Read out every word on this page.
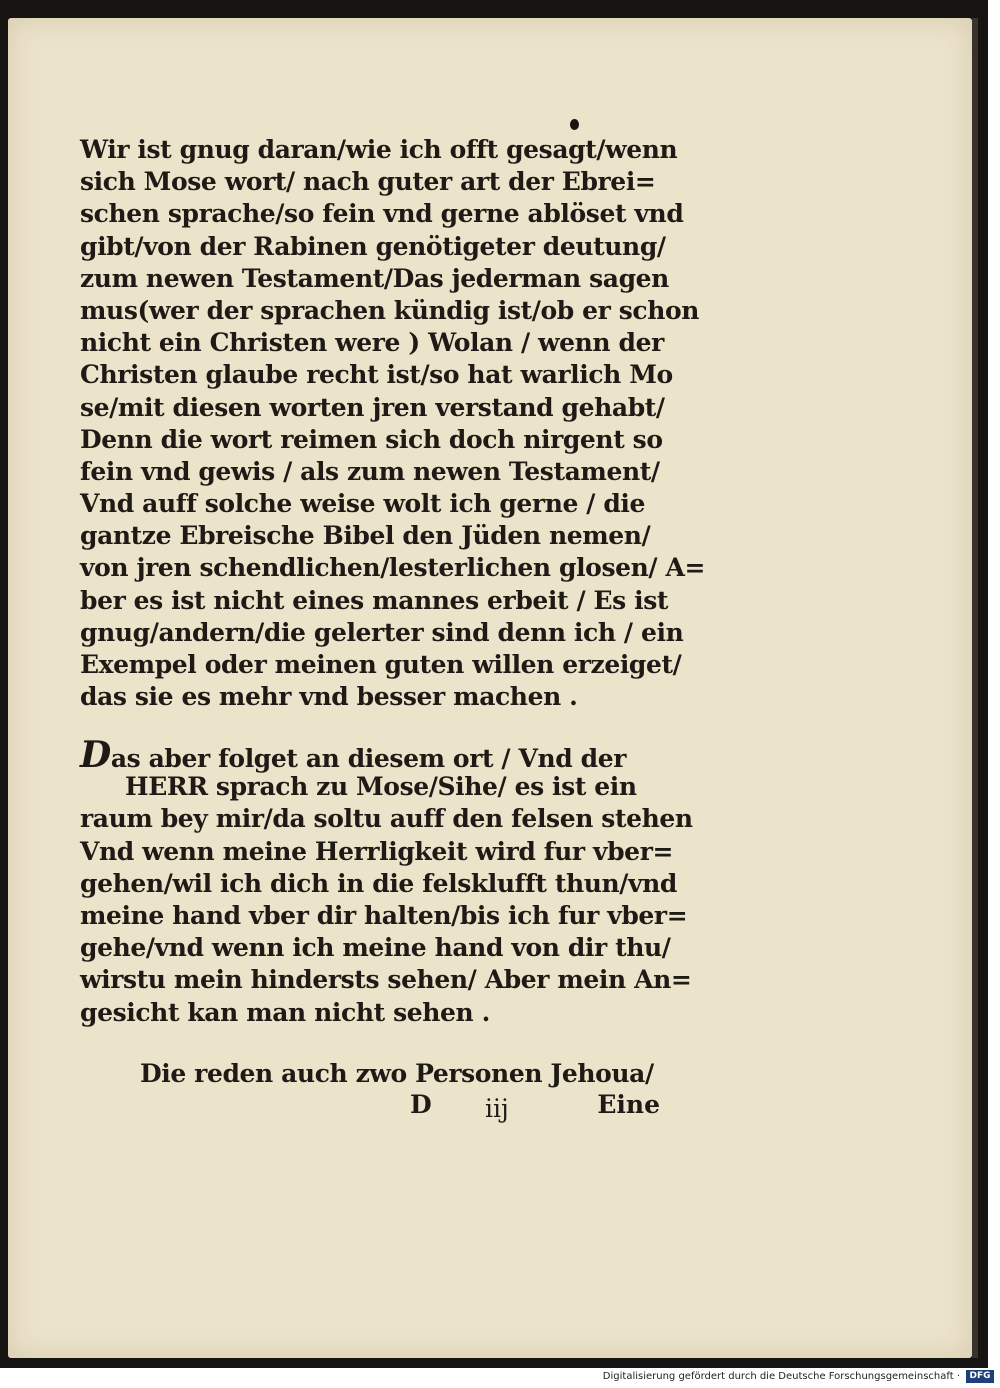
Wir ist gnug daran/wie ich offt gesagt/wenn
sich Mose wort/ nach guter art der Ebrei=
schen sprache/so fein vnd gerne ablöset vnd
gibt/von der Rabinen genötigeter deutung/
zum newen Testament/Das jederman sagen
mus(wer der sprachen kündig ist/ob er schon
nicht ein Christen were ) Wolan / wenn der
Christen glaube recht ist/so hat warlich Mo
se/mit diesen worten jren verstand gehabt/
Denn die wort reimen sich doch nirgent so
fein vnd gewis / als zum newen Testament/
Vnd auff solche weise wolt ich gerne / die
gantze Ebreische Bibel den Jüden nemen/
von jren schendlichen/lesterlichen glosen/ A=
ber es ist nicht eines mannes erbeit / Es ist
gnug/andern/die gelerter sind denn ich / ein
Exempel oder meinen guten willen erzeiget/
das sie es mehr vnd besser machen .
Das aber folget an diesem ort / Vnd der
HERR sprach zu Mose/Sihe/ es ist ein
raum bey mir/da soltu auff den felsen stehen
Vnd wenn meine Herrligkeit wird fur vber=
gehen/wil ich dich in die felsklufft thun/vnd
meine hand vber dir halten/bis ich fur vber=
gehe/vnd wenn ich meine hand von dir thu/
wirstu mein hindersts sehen/ Aber mein An=
gesicht kan man nicht sehen .
Die reden auch zwo Personen Jehoua/
D iij	Eine
Digitalisierung gefördert durch die Deutsche Forschungsgemeinschaft ·	DFG
